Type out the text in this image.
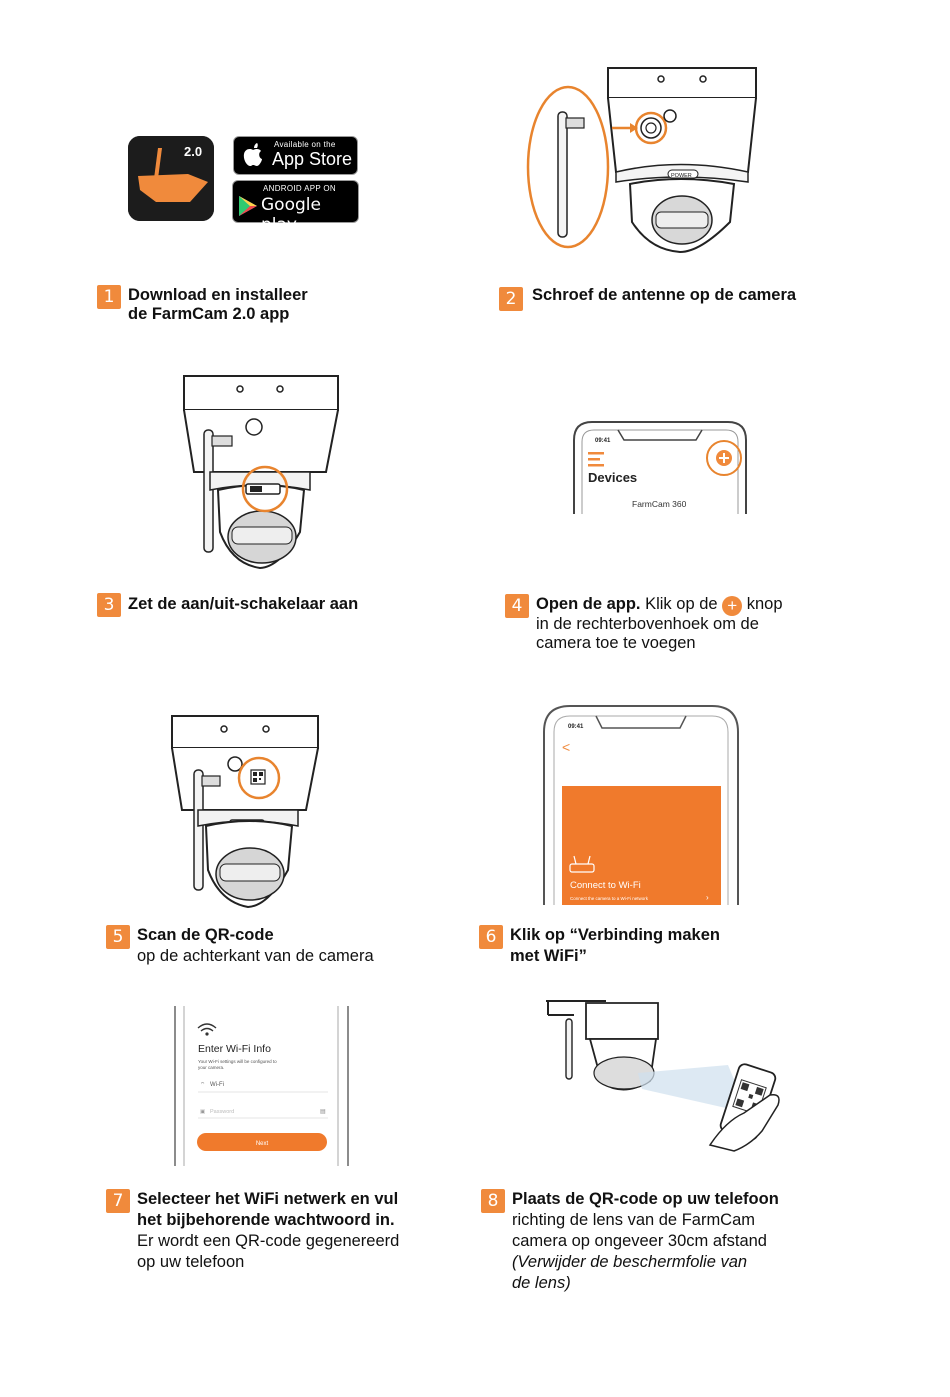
2.0	Available on the
App Store
ANDROID APP ON
Google play
POWER
1 Download en installeer
de FarmCam 2.0 app
2 Schroef de antenne op de camera
09:41
Devices
FarmCam 360
3 Zet de aan/uit-schakelaar aan	4 Open de app. Klik op de + knop
in de rechterbovenhoek om de
camera toe te voegen
09:41
<
Connect to Wi-Fi
Connect the camera to a Wi-Fi network	›
5 Scan de QR-code
op de achterkant van de camera
6 Klik op “Verbinding maken
met WiFi”
Enter Wi-Fi Info
Your Wi-Fi settings will be configured to
your camera.
⌔ Wi-Fi
▣ Password	▤
Next
7 Selecteer het WiFi netwerk en vul
het bijbehorende wachtwoord in.
Er wordt een QR-code gegenereerd
op uw telefoon
8 Plaats de QR-code op uw telefoon
richting de lens van de FarmCam
camera op ongeveer 30cm afstand
(Verwijder de beschermfolie van
de lens)
